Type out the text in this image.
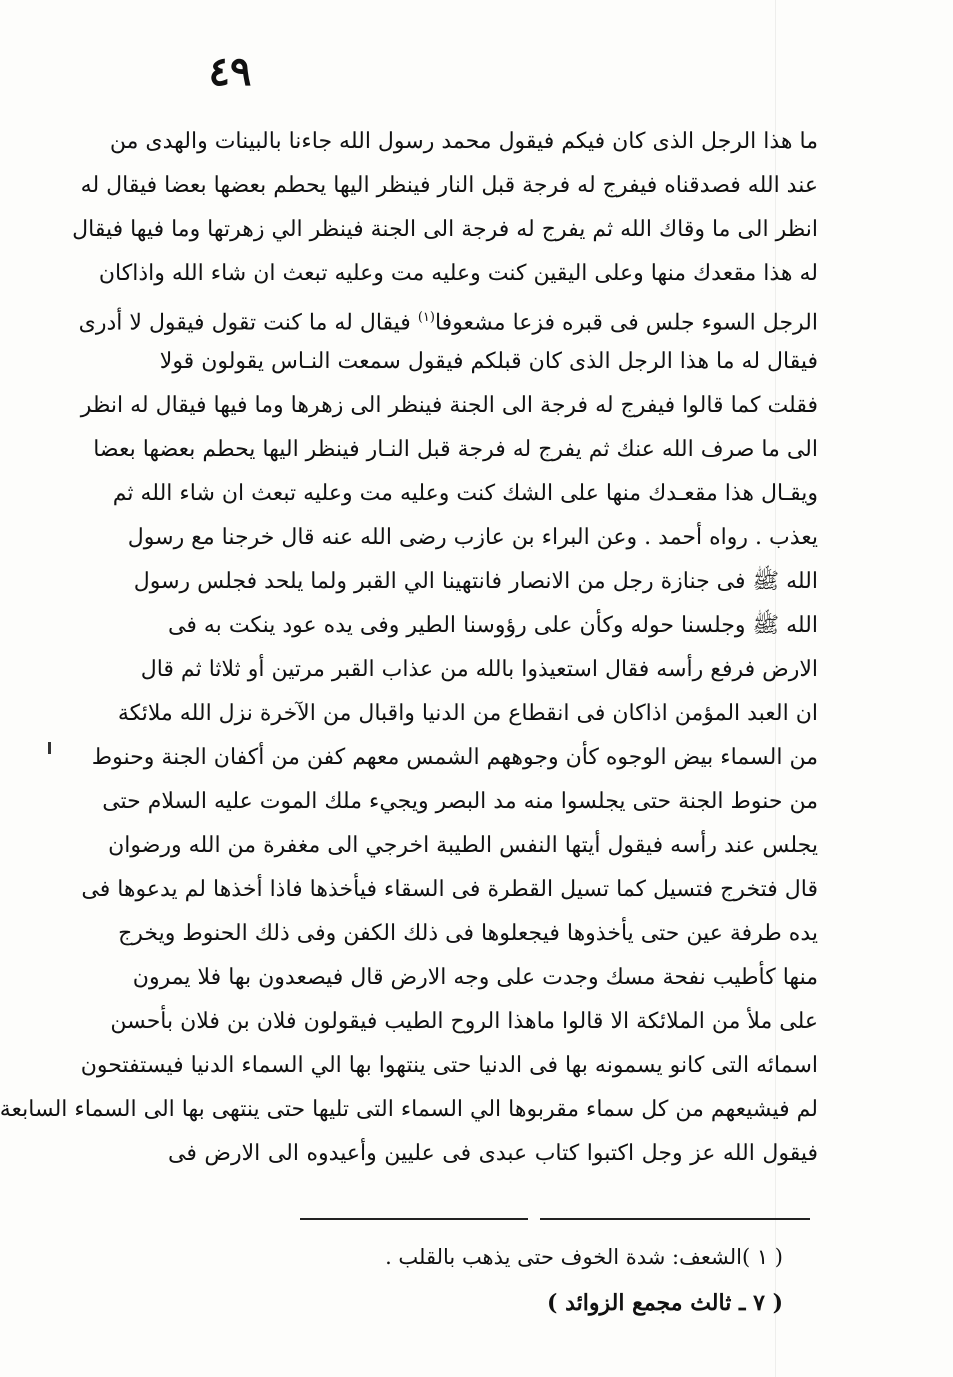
٤٩
ما هذا الرجل الذى كان فيكم فيقول محمد رسول الله جاءنا بالبينات والهدى من
عند الله فصدقناه فيفرج له فرجة قبل النار فينظر اليها يحطم بعضها بعضا فيقال له
انظر الى ما وقاك الله ثم يفرج له فرجة الى الجنة فينظر الي زهرتها وما فيها فيقال
له هذا مقعدك منها وعلى اليقين كنت وعليه مت وعليه تبعث ان شاء الله واذاكان
الرجل السوء جلس فى قبره فزعا مشعوفا$^{(١)}$ فيقال له ما كنت تقول فيقول لا أدرى
فيقال له ما هذا الرجل الذى كان قبلكم فيقول سمعت النـاس يقولون قولا
فقلت كما قالوا فيفرج له فرجة الى الجنة فينظر الى زهرها وما فيها فيقال له انظر
الى ما صرف الله عنك ثم يفرج له فرجة قبل النـار فينظر اليها يحطم بعضها بعضا
ويقـال هذا مقعـدك منها على الشك كنت وعليه مت وعليه تبعث ان شاء الله ثم
يعذب . رواه أحمد . وعن البراء بن عازب رضى الله عنه قال خرجنا مع رسول
الله ﷺ فى جنازة رجل من الانصار فانتهينا الي القبر ولما يلحد فجلس رسول
الله ﷺ وجلسنا حوله وكأن على رؤوسنا الطير وفى يده عود ينكت به فى
الارض فرفع رأسه فقال استعيذوا بالله من عذاب القبر مرتين أو ثلاثا ثم قال
ان العبد المؤمن اذاكان فى انقطاع من الدنيا واقبال من الآخرة نزل الله ملائكة
من السماء بيض الوجوه كأن وجوههم الشمس معهم كفن من أكفان الجنة وحنوط
من حنوط الجنة حتى يجلسوا منه مد البصر ويجيء ملك الموت عليه السلام حتى
يجلس عند رأسه فيقول أيتها النفس الطيبة اخرجي الى مغفرة من الله ورضوان
قال فتخرج فتسيل كما تسيل القطرة فى السقاء فيأخذها فاذا أخذها لم يدعوها فى
يده طرفة عين حتى يأخذوها فيجعلوها فى ذلك الكفن وفى ذلك الحنوط ويخرج
منها كأطيب نفحة مسك وجدت على وجه الارض قال فيصعدون بها فلا يمرون
على ملأ من الملائكة الا قالوا ماهذا الروح الطيب فيقولون فلان بن فلان بأحسن
اسمائه التى كانو يسمونه بها فى الدنيا حتى ينتهوا بها الي السماء الدنيا فيستفتحون
لم فيشيعهم من كل سماء مقربوها الي السماء التى تليها حتى ينتهى بها الى السماء السابعة
فيقول الله عز وجل اكتبوا كتاب عبدى فى عليين وأعيدوه الى الارض فى
( ١ )الشعف: شدة الخوف حتى يذهب بالقلب .
( ٧ ـ ثالث مجمع الزوائد )
